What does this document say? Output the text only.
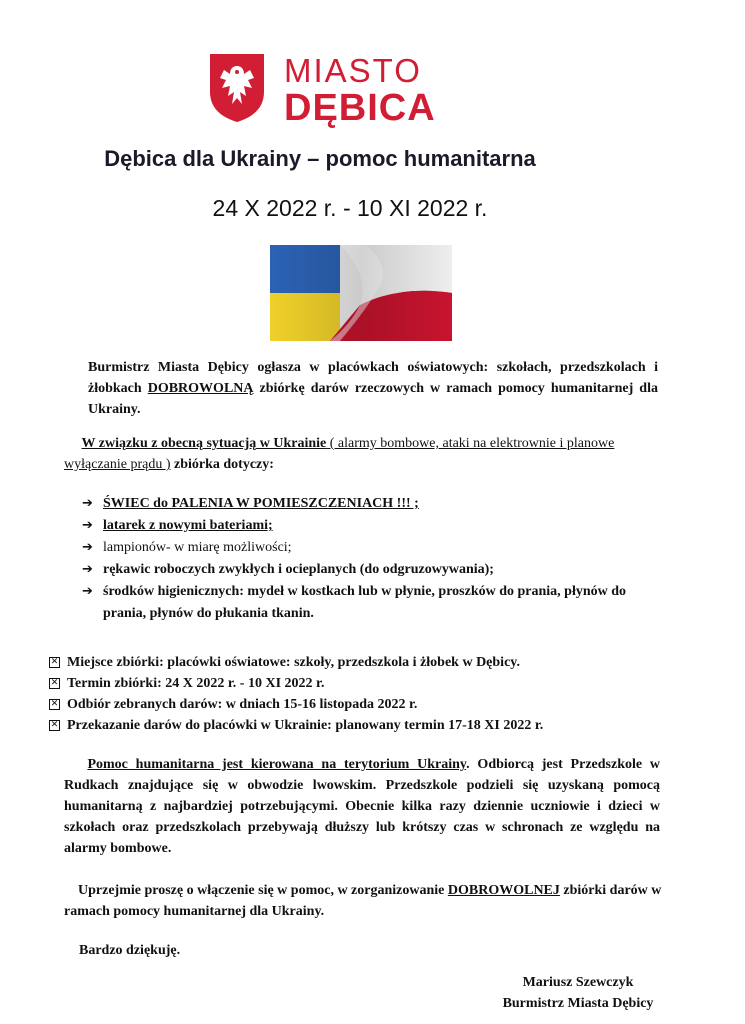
MIASTO
DĘBICA
Dębica dla Ukrainy – pomoc humanitarna
24 X 2022 r. - 10 XI 2022 r.
Burmistrz Miasta Dębicy ogłasza w placówkach oświatowych: szkołach, przedszkolach i żłobkach DOBROWOLNĄ zbiórkę darów rzeczowych w ramach pomocy humanitarnej dla Ukrainy.
W związku z obecną sytuacją w Ukrainie ( alarmy bombowe, ataki na elektrownie i planowe wyłączanie prądu ) zbiórka dotyczy:
➔ ŚWIEC do PALENIA W POMIESZCZENIACH !!! ;
➔ latarek z nowymi bateriami;
➔ lampionów- w miarę możliwości;
➔ rękawic roboczych zwykłych i ocieplanych (do odgruzowywania);
➔ środków higienicznych: mydeł w kostkach lub w płynie, proszków do prania, płynów do prania, płynów do płukania tkanin.
✕ Miejsce zbiórki: placówki oświatowe: szkoły, przedszkola i żłobek w Dębicy.
✕ Termin zbiórki: 24 X 2022 r. - 10 XI 2022 r.
✕ Odbiór zebranych darów: w dniach 15-16 listopada 2022 r.
✕ Przekazanie darów do placówki w Ukrainie: planowany termin 17-18 XI 2022 r.
Pomoc humanitarna jest kierowana na terytorium Ukrainy. Odbiorcą jest Przedszkole w Rudkach znajdujące się w obwodzie lwowskim. Przedszkole podzieli się uzyskaną pomocą humanitarną z najbardziej potrzebującymi. Obecnie kilka razy dziennie uczniowie i dzieci w szkołach oraz przedszkolach przebywają dłuższy lub krótszy czas w schronach ze względu na alarmy bombowe.
Uprzejmie proszę o włączenie się w pomoc, w zorganizowanie DOBROWOLNEJ zbiórki darów w ramach pomocy humanitarnej dla Ukrainy.
Bardzo dziękuję.
Mariusz Szewczyk
Burmistrz Miasta Dębicy
